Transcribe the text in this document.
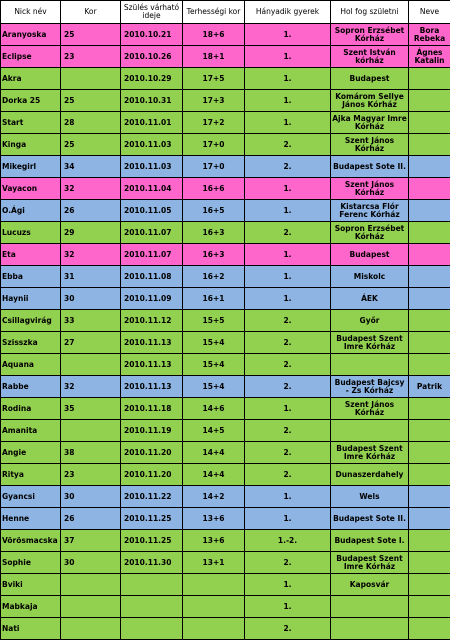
Nick név	Kor	Szülés várható ideje	Terhességi kor	Hányadik gyerek	Hol fog születni	Neve
Aranyoska	25	2010.10.21	18+6	1.	Sopron Erzsébet Kórház	Bora Rebeka
Eclipse	23	2010.10.26	18+1	1.	Szent István kórház	Ágnes Katalin
Akra		2010.10.29	17+5	1.	Budapest	
Dorka 25	25	2010.10.31	17+3	1.	Komárom Sellye János Kórház	
Start	28	2010.11.01	17+2	1.	Ajka Magyar Imre Kórház	
Kinga	25	2010.11.03	17+0	2.	Szent János Kórház	
Mikegirl	34	2010.11.03	17+0	2.	Budapest Sote II.	
Vayacon	32	2010.11.04	16+6	1.	Szent János Kórház	
O.Ági	26	2010.11.05	16+5	1.	Kistarcsa Flór Ferenc Kórház	
Lucuzs	29	2010.11.07	16+3	2.	Sopron Erzsébet Kórház	
Eta	32	2010.11.07	16+3	1.	Budapest	
Ebba	31	2010.11.08	16+2	1.	Miskolc	
Haynii	30	2010.11.09	16+1	1.	ÁEK	
Csillagvirág	33	2010.11.12	15+5	2.	Győr	
Szisszka	27	2010.11.13	15+4	2.	Budapest Szent Imre Kórház	
Aquana		2010.11.13	15+4	2.		
Rabbe	32	2010.11.13	15+4	2.	Budapest Bajcsy - Zs Kórház	Patrik
Rodina	35	2010.11.18	14+6	1.	Szent János Kórház	
Amanita		2010.11.19	14+5	2.		
Angie	38	2010.11.20	14+4	2.	Budapest Szent Imre Kórház	
Ritya	23	2010.11.20	14+4	2.	Dunaszerdahely	
Gyancsi	30	2010.11.22	14+2	1.	Wels	
Henne	26	2010.11.25	13+6	1.	Budapest Sote II.	
Vörösmacska	37	2010.11.25	13+6	1.-2.	Budapest Sote I.	
Sophie	30	2010.11.30	13+1	2.	Budapest Szent Imre Kórház	
Bviki				1.	Kaposvár	
Mabkaja				1.		
Nati				2.		
